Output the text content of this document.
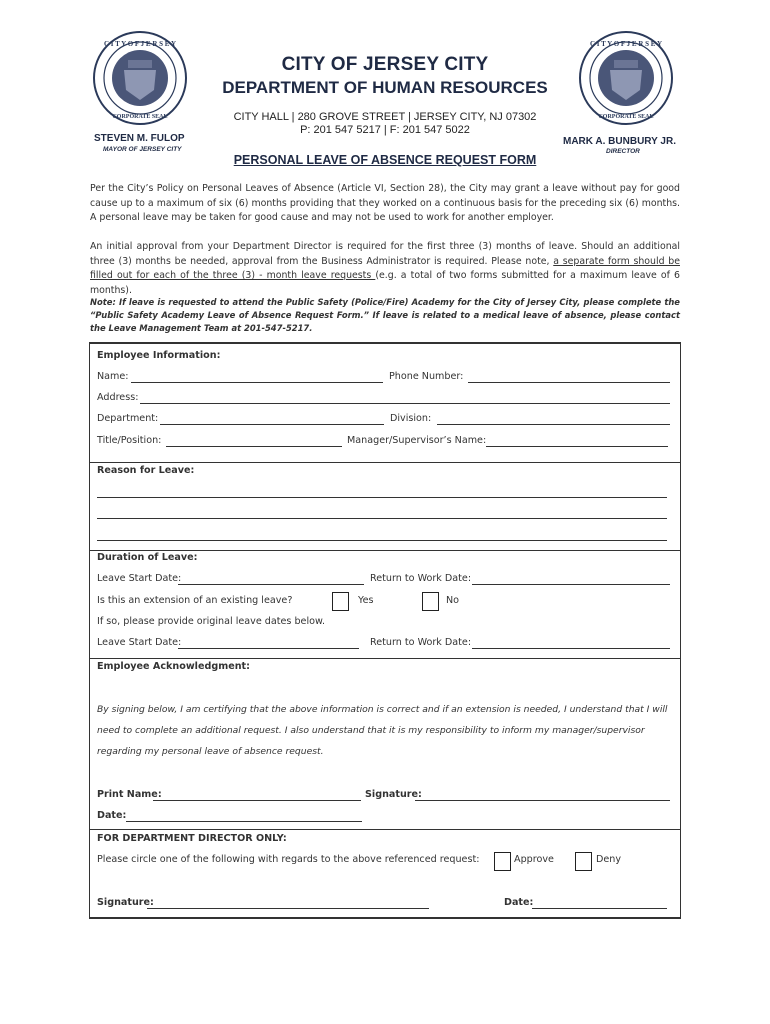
C I T Y O F J E R S E Y
CORPORATE SEAL
C I T Y O F J E R S E Y
CORPORATE SEAL
CITY OF JERSEY CITY
DEPARTMENT OF HUMAN RESOURCES
CITY HALL | 280 GROVE STREET | JERSEY CITY, NJ 07302
P: 201 547 5217 | F: 201 547 5022
STEVEN M. FULOP
MAYOR OF JERSEY CITY
MARK A. BUNBURY JR.
DIRECTOR
PERSONAL LEAVE OF ABSENCE REQUEST FORM
Per the City’s Policy on Personal Leaves of Absence (Article VI, Section 28), the City may grant a leave without pay for good cause up to a maximum of six (6) months providing that they worked on a continuous basis for the preceding six (6) months. A personal leave may be taken for good cause and may not be used to work for another employer.
An initial approval from your Department Director is required for the first three (3) months of leave. Should an additional three (3) months be needed, approval from the Business Administrator is required. Please note, a separate form should be filled out for each of the three (3) - month leave requests (e.g. a total of two forms submitted for a maximum leave of 6 months).
Note: If leave is requested to attend the Public Safety (Police/Fire) Academy for the City of Jersey City, please complete the “Public Safety Academy Leave of Absence Request Form.” If leave is related to a medical leave of absence, please contact the Leave Management Team at 201-547-5217.
Employee Information:
Name:	Phone Number:
Address:
Department:	Division:
Title/Position:	Manager/Supervisor’s Name:
Reason for Leave:
Duration of Leave:
Leave Start Date:	Return to Work Date:
Is this an extension of an existing leave?	Yes	No
If so, please provide original leave dates below.
Leave Start Date:	Return to Work Date:
Employee Acknowledgment:
By signing below, I am certifying that the above information is correct and if an extension is needed, I understand that I will
need to complete an additional request. I also understand that it is my responsibility to inform my manager/supervisor
regarding my personal leave of absence request.
Print Name:	Signature:
Date:
FOR DEPARTMENT DIRECTOR ONLY:
Please circle one of the following with regards to the above referenced request:	Approve	Deny
Signature:	Date:
